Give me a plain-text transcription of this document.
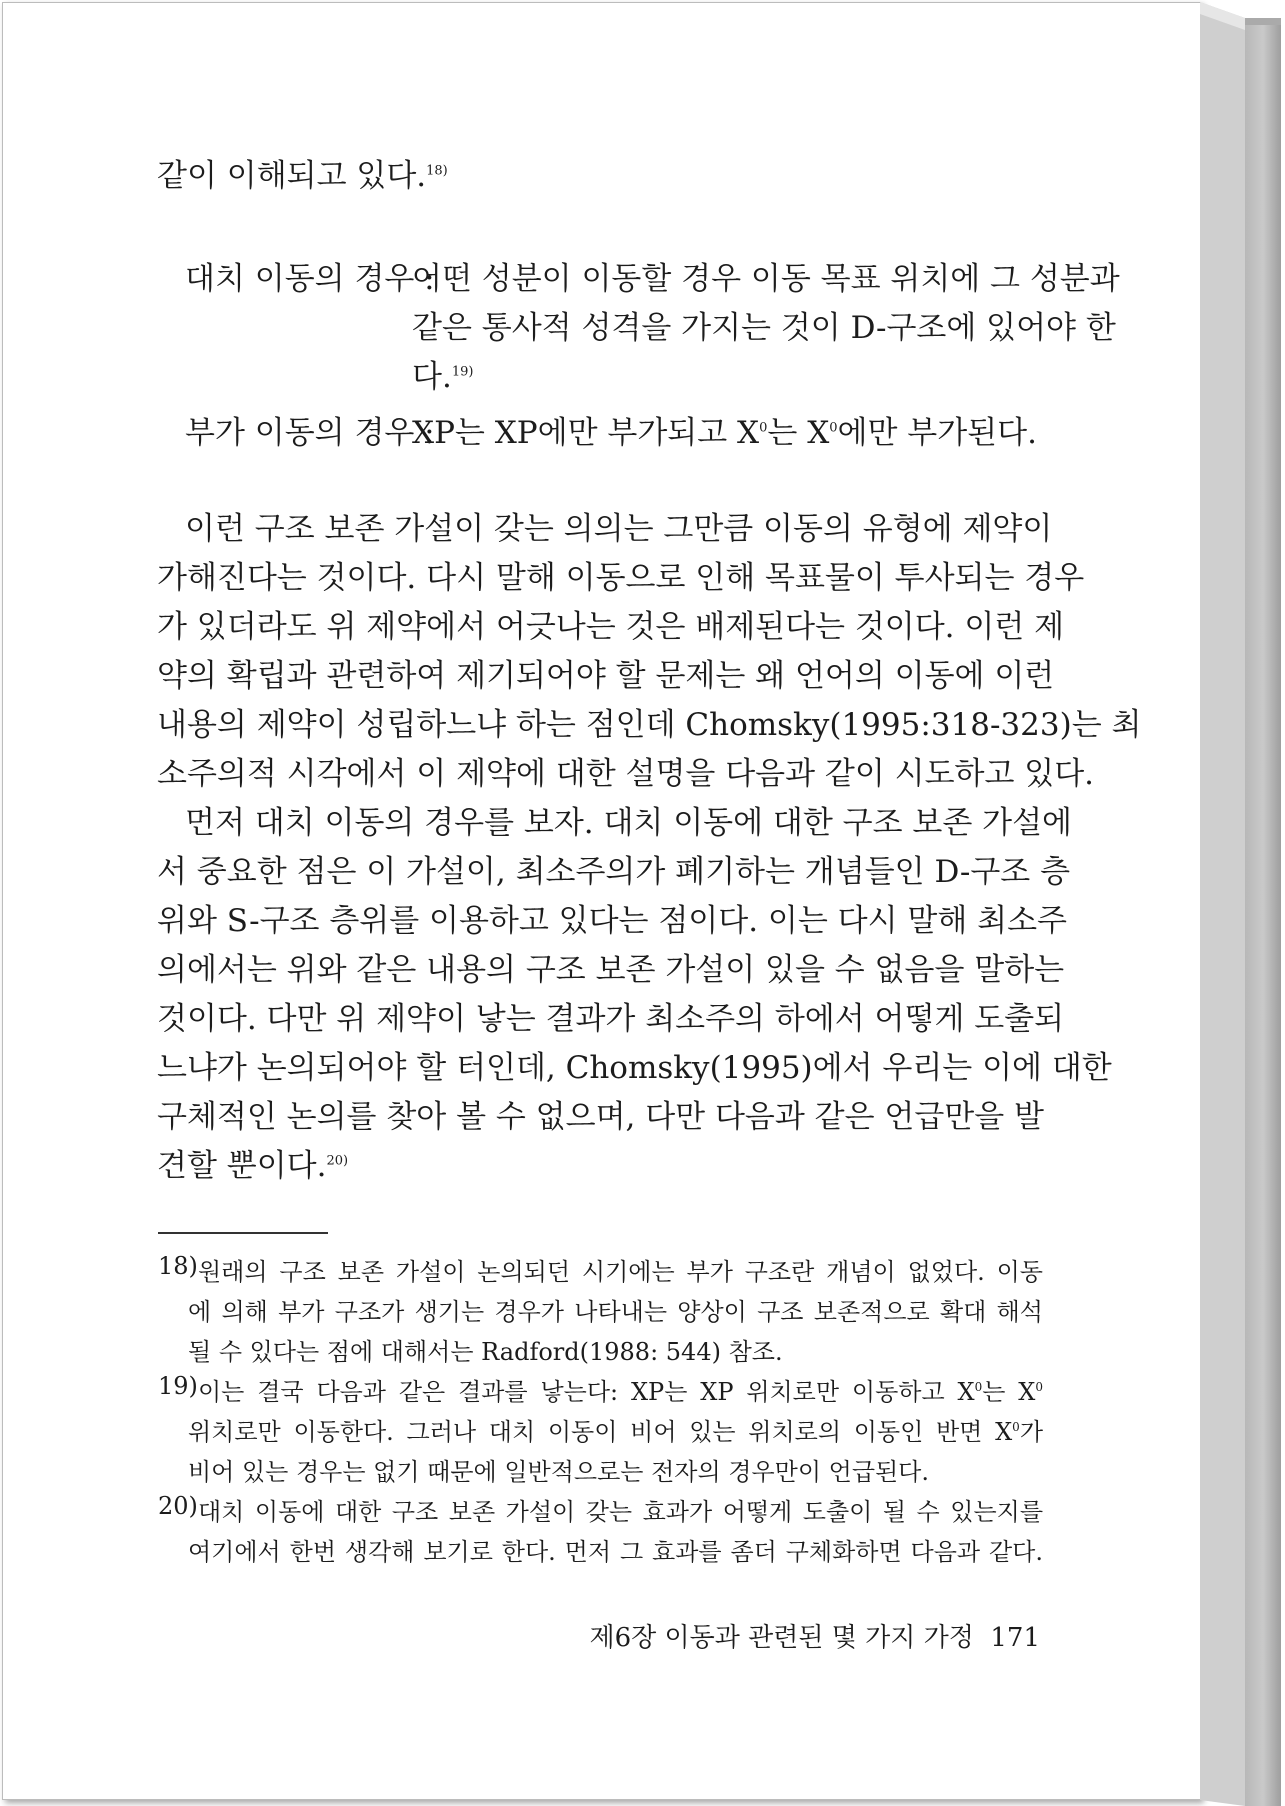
같이 이해되고 있다.$^{18)}$
대치 이동의 경우 :
어떤 성분이 이동할 경우 이동 목표 위치에 그 성분과
같은 통사적 성격을 가지는 것이 D-구조에 있어야 한
다.$^{19)}$
부가 이동의 경우 :
XP는 XP에만 부가되고 $X^0$는 $X^0$에만 부가된다.
이런 구조 보존 가설이 갖는 의의는 그만큼 이동의 유형에 제약이
가해진다는 것이다. 다시 말해 이동으로 인해 목표물이 투사되는 경우
가 있더라도 위 제약에서 어긋나는 것은 배제된다는 것이다. 이런 제
약의 확립과 관련하여 제기되어야 할 문제는 왜 언어의 이동에 이런
내용의 제약이 성립하느냐 하는 점인데 Chomsky(1995:318-323)는 최
소주의적 시각에서 이 제약에 대한 설명을 다음과 같이 시도하고 있다.
먼저 대치 이동의 경우를 보자. 대치 이동에 대한 구조 보존 가설에
서 중요한 점은 이 가설이, 최소주의가 폐기하는 개념들인 D-구조 층
위와 S-구조 층위를 이용하고 있다는 점이다. 이는 다시 말해 최소주
의에서는 위와 같은 내용의 구조 보존 가설이 있을 수 없음을 말하는
것이다. 다만 위 제약이 낳는 결과가 최소주의 하에서 어떻게 도출되
느냐가 논의되어야 할 터인데, Chomsky(1995)에서 우리는 이에 대한
구체적인 논의를 찾아 볼 수 없으며, 다만 다음과 같은 언급만을 발
견할 뿐이다.$^{20)}$
18) 원래의 구조 보존 가설이 논의되던 시기에는 부가 구조란 개념이 없었다. 이동
에 의해 부가 구조가 생기는 경우가 나타내는 양상이 구조 보존적으로 확대 해석
될 수 있다는 점에 대해서는 Radford(1988: 544) 참조.
19) 이는 결국 다음과 같은 결과를 낳는다: XP는 XP 위치로만 이동하고 X$^0$는 X$^0$
위치로만 이동한다. 그러나 대치 이동이 비어 있는 위치로의 이동인 반면 X$^0$가
비어 있는 경우는 없기 때문에 일반적으로는 전자의 경우만이 언급된다.
20) 대치 이동에 대한 구조 보존 가설이 갖는 효과가 어떻게 도출이 될 수 있는지를
여기에서 한번 생각해 보기로 한다. 먼저 그 효과를 좀더 구체화하면 다음과 같다.
제6장 이동과 관련된 몇 가지 가정 171
